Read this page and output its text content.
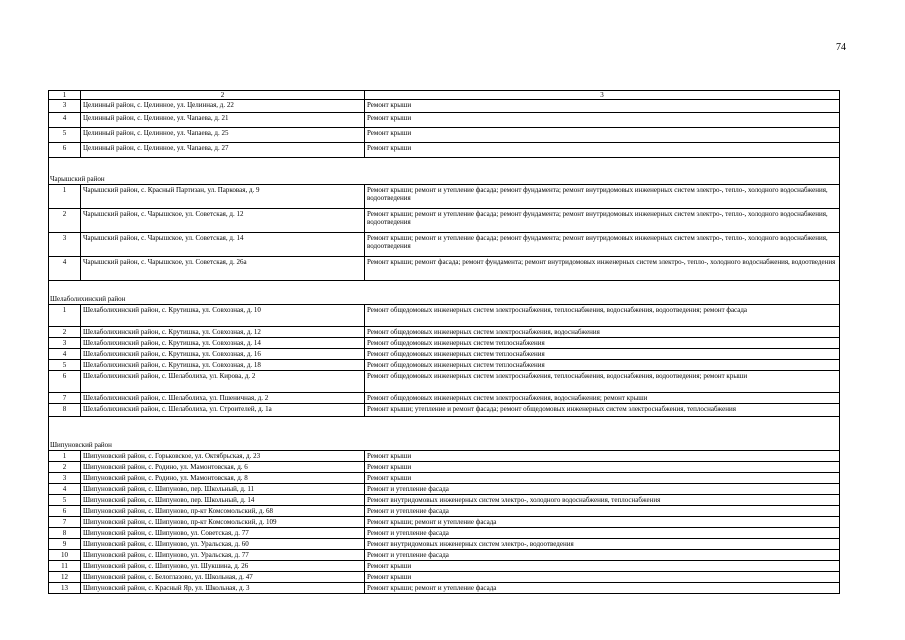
74
1	2	3
3	Целинный район, с. Целинное, ул. Целинная, д. 22	Ремонт крыши
4	Целинный район, с. Целинное, ул. Чапаева, д. 21	Ремонт крыши
5	Целинный район, с. Целинное, ул. Чапаева, д. 25	Ремонт крыши
6	Целинный район, с. Целинное, ул. Чапаева, д. 27	Ремонт крыши
Чарышский район		
1	Чарышский район, с. Красный Партизан, ул. Парковая, д. 9	Ремонт крыши; ремонт и утепление фасада; ремонт фундамента; ремонт внутридомовых инженерных систем электро-, тепло-, холодного водоснабжения, водоотведения
2	Чарышский район, с. Чарышское, ул. Советская, д. 12	Ремонт крыши; ремонт и утепление фасада; ремонт фундамента; ремонт внутридомовых инженерных систем электро-, тепло-, холодного водоснабжения, водоотведения
3	Чарышский район, с. Чарышское, ул. Советская, д. 14	Ремонт крыши; ремонт и утепление фасада; ремонт фундамента; ремонт внутридомовых инженерных систем электро-, тепло-, холодного водоснабжения, водоотведения
4	Чарышский район, с. Чарышское, ул. Советская, д. 26а	Ремонт крыши; ремонт фасада; ремонт фундамента; ремонт внутридомовых инженерных систем электро-, тепло-, холодного водоснабжения, водоотведения
Шелаболихинский район		
1	Шелаболихинский район, с. Крутишка, ул. Совхозная, д. 10	Ремонт общедомовых инженерных систем электроснабжения, теплоснабжения, водоснабжения, водоотведения; ремонт фасада
2	Шелаболихинский район, с. Крутишка, ул. Совхозная, д. 12	Ремонт общедомовых инженерных систем электроснабжения, водоснабжения
3	Шелаболихинский район, с. Крутишка, ул. Совхозная, д. 14	Ремонт общедомовых инженерных систем теплоснабжения
4	Шелаболихинский район, с. Крутишка, ул. Совхозная, д. 16	Ремонт общедомовых инженерных систем теплоснабжения
5	Шелаболихинский район, с. Крутишка, ул. Совхозная, д. 18	Ремонт общедомовых инженерных систем теплоснабжения
6	Шелаболихинский район, с. Шелаболиха, ул. Кирова, д. 2	Ремонт общедомовых инженерных систем электроснабжения, теплоснабжения, водоснабжения, водоотведения; ремонт крыши
7	Шелаболихинский район, с. Шелаболиха, ул. Пшеничная, д. 2	Ремонт общедомовых инженерных систем электроснабжения, водоснабжения; ремонт крыши
8	Шелаболихинский район, с. Шелаболиха, ул. Строителей, д. 1а	Ремонт крыши; утепление и ремонт фасада; ремонт общедомовых инженерных систем электроснабжения, теплоснабжения
Шипуновский район		
1	Шипуновский район, с. Горьковское, ул. Октябрьская, д. 23	Ремонт крыши
2	Шипуновский район, с. Родино, ул. Мамонтовская, д. 6	Ремонт крыши
3	Шипуновский район, с. Родино, ул. Мамонтовская, д. 8	Ремонт крыши
4	Шипуновский район, с. Шипуново, пер. Школьный, д. 11	Ремонт и утепление фасада
5	Шипуновский район, с. Шипуново, пер. Школьный, д. 14	Ремонт внутридомовых инженерных систем электро-, холодного водоснабжения, теплоснабжения
6	Шипуновский район, с. Шипуново, пр-кт Комсомольский, д. 68	Ремонт и утепление фасада
7	Шипуновский район, с. Шипуново, пр-кт Комсомольский, д. 109	Ремонт крыши; ремонт и утепление фасада
8	Шипуновский район, с. Шипуново, ул. Советская, д. 77	Ремонт и утепление фасада
9	Шипуновский район, с. Шипуново, ул. Уральская, д. 60	Ремонт внутридомовых инженерных систем электро-, водоотведения
10	Шипуновский район, с. Шипуново, ул. Уральская, д. 77	Ремонт и утепление фасада
11	Шипуновский район, с. Шипуново, ул. Шукшина, д. 26	Ремонт крыши
12	Шипуновский район, с. Белоглазово, ул. Школьная, д. 47	Ремонт крыши
13	Шипуновский район, с. Красный Яр, ул. Школьная, д. 3	Ремонт крыши; ремонт и утепление фасада
